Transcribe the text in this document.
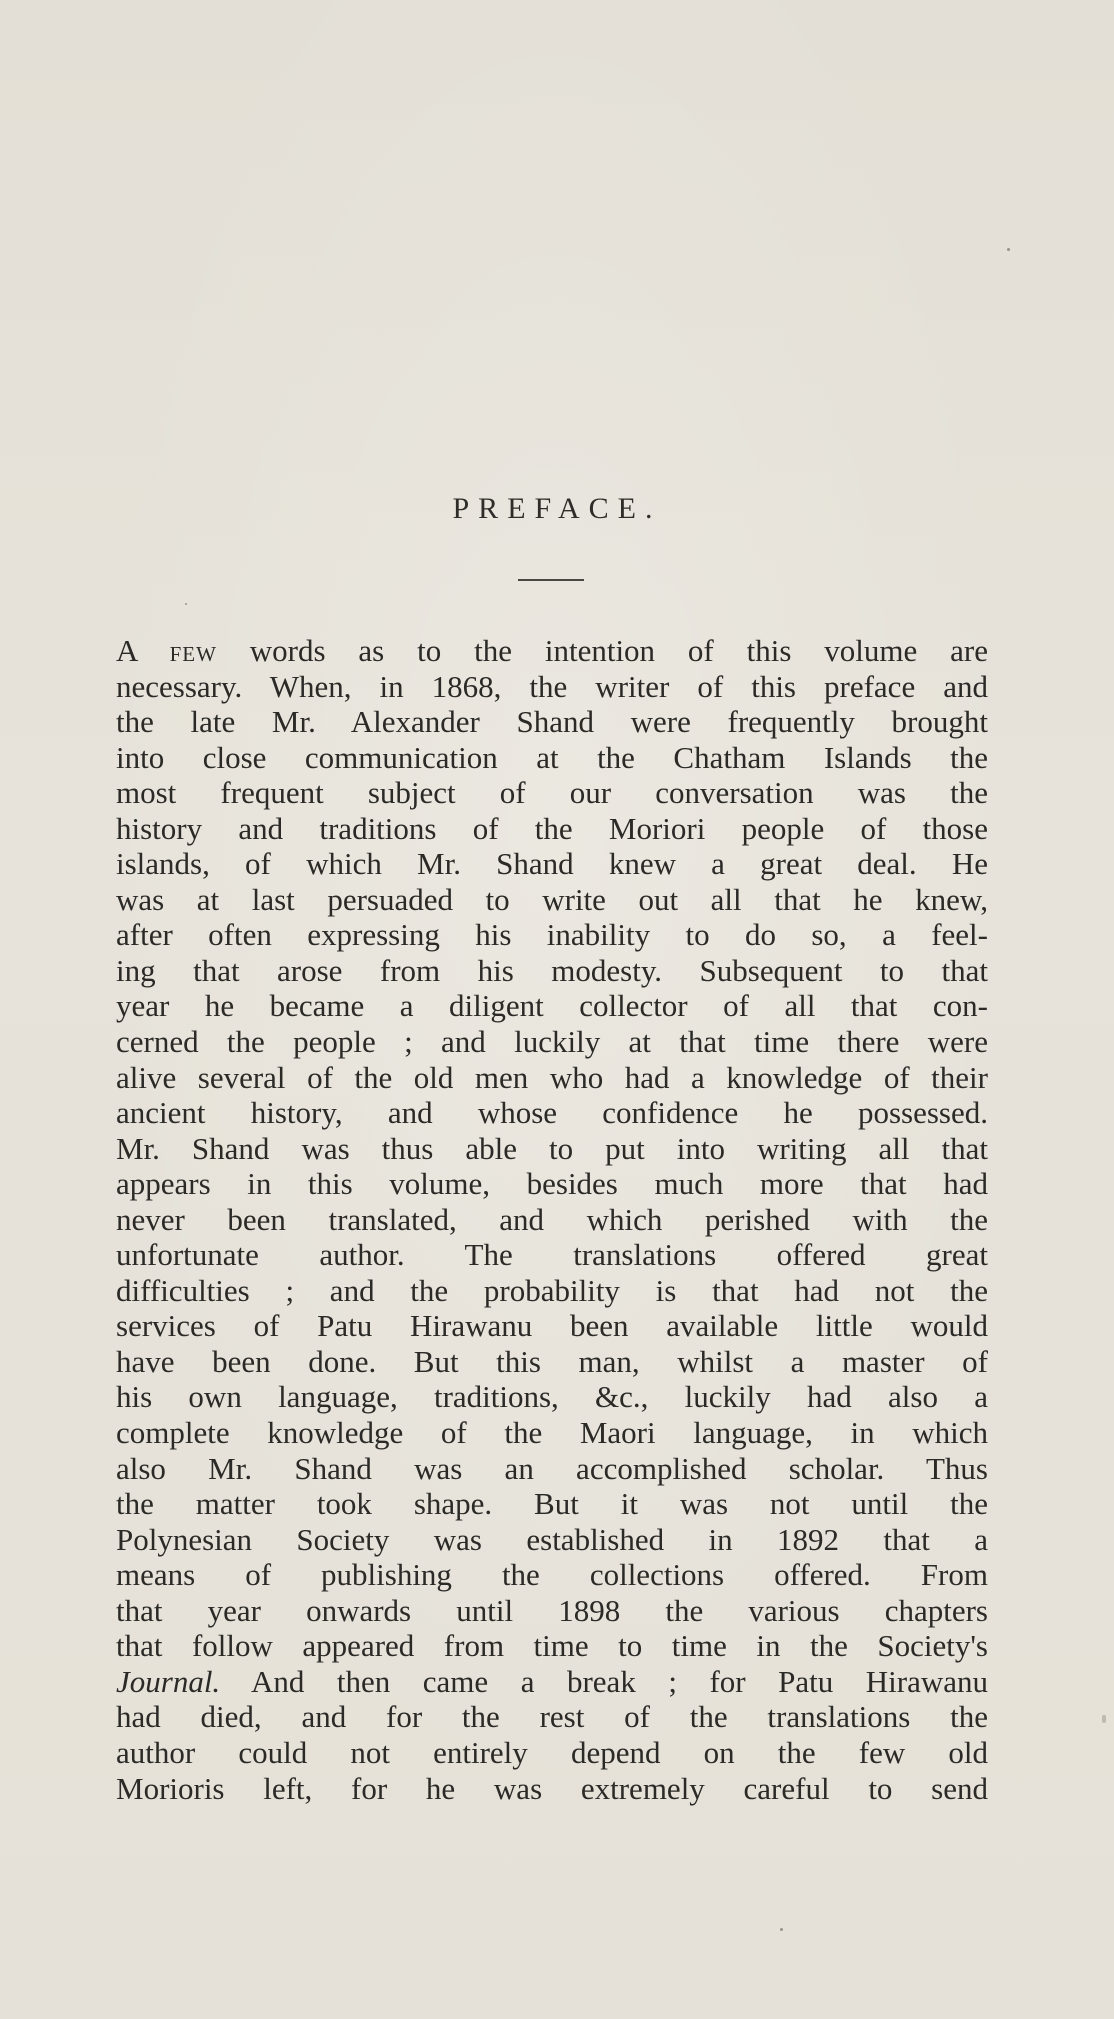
PREFACE.
A FEW words as to the intention of this volume are
necessary. When, in 1868, the writer of this preface and
the late Mr. Alexander Shand were frequently brought
into close communication at the Chatham Islands the
most frequent subject of our conversation was the
history and traditions of the Moriori people of those
islands, of which Mr. Shand knew a great deal. He
was at last persuaded to write out all that he knew,
after often expressing his inability to do so, a feel-
ing that arose from his modesty. Subsequent to that
year he became a diligent collector of all that con-
cerned the people ; and luckily at that time there were
alive several of the old men who had a knowledge of their
ancient history, and whose confidence he possessed.
Mr. Shand was thus able to put into writing all that
appears in this volume, besides much more that had
never been translated, and which perished with the
unfortunate author. The translations offered great
difficulties ; and the probability is that had not the
services of Patu Hirawanu been available little would
have been done. But this man, whilst a master of
his own language, traditions, &c., luckily had also a
complete knowledge of the Maori language, in which
also Mr. Shand was an accomplished scholar. Thus
the matter took shape. But it was not until the
Polynesian Society was established in 1892 that a
means of publishing the collections offered. From
that year onwards until 1898 the various chapters
that follow appeared from time to time in the Society's
Journal. And then came a break ; for Patu Hirawanu
had died, and for the rest of the translations the
author could not entirely depend on the few old
Morioris left, for he was extremely careful to send
